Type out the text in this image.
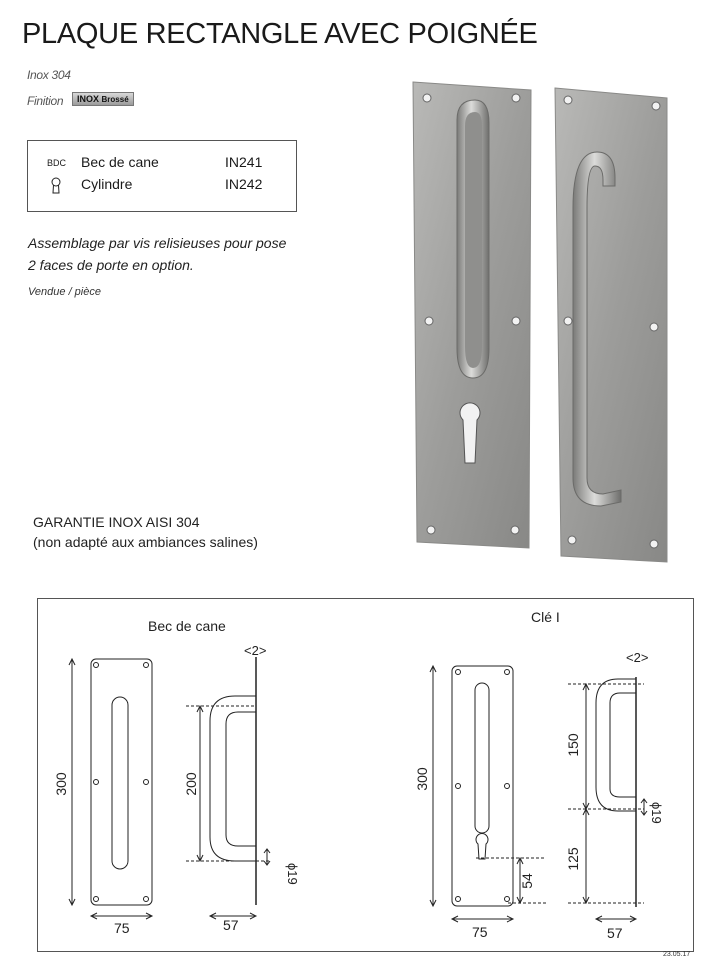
PLAQUE RECTANGLE AVEC POIGNÉE
Inox 304
Finition	INOX Brossé
BDC Bec de cane	IN241
Cylindre	IN242
Assemblage par vis relisieuses pour pose
2 faces de porte en option.
Vendue / pièce
GARANTIE INOX AISI 304
(non adapté aux ambiances salines)
Bec de cane
<2>
300
75
200
ϕ19
57
Clé I
<2>
300
75
54
150
125
ϕ19
57
23.05.17
